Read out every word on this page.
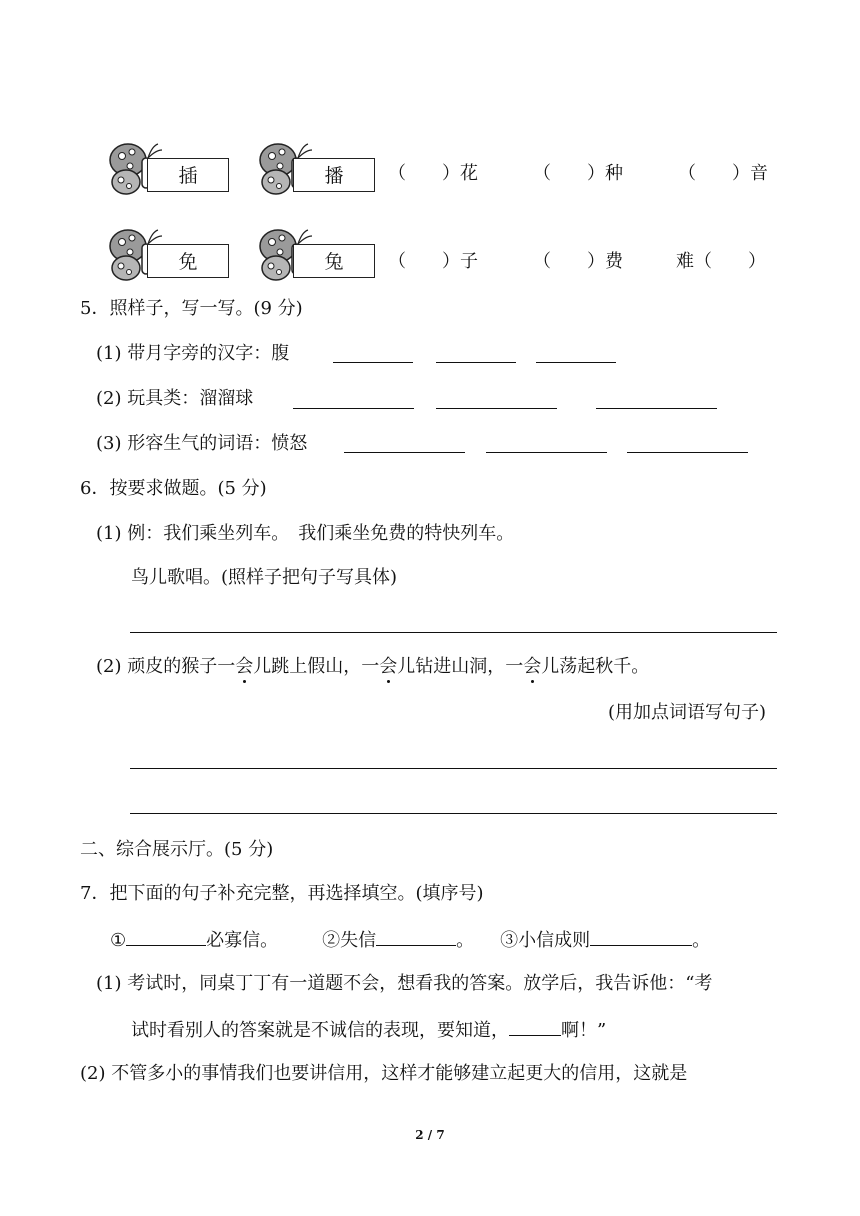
插	播	（　　）花	（　　）种	（　　）音
免	兔	（　　）子	（　　）费	难（　　）
5．照样子，写一写。(9 分)
(1) 带月字旁的汉字：腹
(2) 玩具类：溜溜球
(3) 形容生气的词语：愤怒
6．按要求做题。(5 分)
(1) 例：我们乘坐列车。　我们乘坐免费的特快列车。
鸟儿歌唱。(照样子把句子写具体)
(2) 顽皮的猴子一会儿跳上假山，一会儿钻进山洞，一会儿荡起秋千。
(用加点词语写句子)
二、综合展示厅。(5 分)
7．把下面的句子补充完整，再选择填空。(填序号)
①	必寡信。 ②失信	。 ③小信成则	。
(1) 考试时，同桌丁丁有一道题不会，想看我的答案。放学后，我告诉他：“考
试时看别人的答案就是不诚信的表现，要知道，	啊！”
(2) 不管多小的事情我们也要讲信用，这样才能够建立起更大的信用，这就是
2 / 7
